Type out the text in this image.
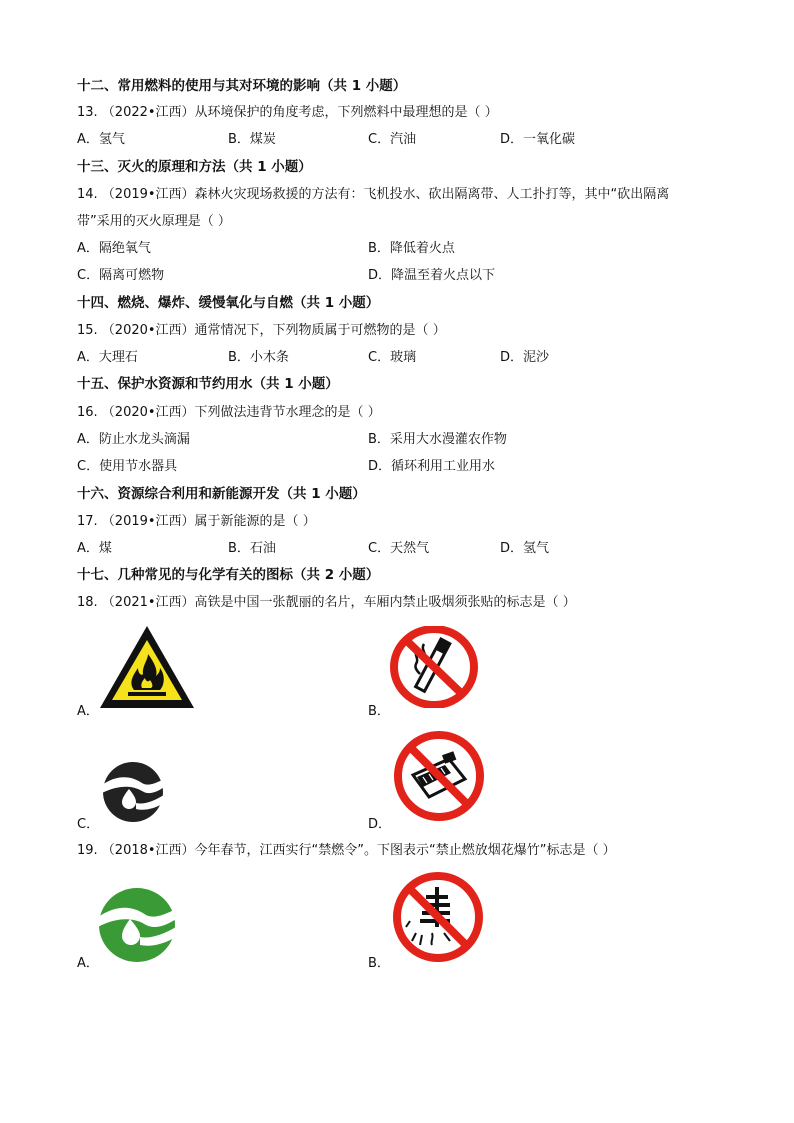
十二、常用燃料的使用与其对环境的影响（共 1 小题）
13. （2022•江西）从环境保护的角度考虑，下列燃料中最理想的是（ ）
A．氢气	B．煤炭	C．汽油	D．一氧化碳
十三、灭火的原理和方法（共 1 小题）
14. （2019•江西）森林火灾现场救援的方法有：飞机投水、砍出隔离带、人工扑打等，其中“砍出隔离
带”采用的灭火原理是（ ）
A．隔绝氧气	B．降低着火点
C．隔离可燃物	D．降温至着火点以下
十四、燃烧、爆炸、缓慢氧化与自燃（共 1 小题）
15. （2020•江西）通常情况下，下列物质属于可燃物的是（ ）
A．大理石	B．小木条	C．玻璃	D．泥沙
十五、保护水资源和节约用水（共 1 小题）
16. （2020•江西）下列做法违背节水理念的是（ ）
A．防止水龙头滴漏	B．采用大水漫灌农作物
C．使用节水器具	D．循环利用工业用水
十六、资源综合利用和新能源开发（共 1 小题）
17. （2019•江西）属于新能源的是（ ）
A．煤	B．石油	C．天然气	D．氢气
十七、几种常见的与化学有关的图标（共 2 小题）
18. （2021•江西）高铁是中国一张靓丽的名片，车厢内禁止吸烟须张贴的标志是（ ）
A．	B．
C．	D．
19. （2018•江西）今年春节，江西实行“禁燃令”。下图表示“禁止燃放烟花爆竹”标志是（ ）
A．	B．
